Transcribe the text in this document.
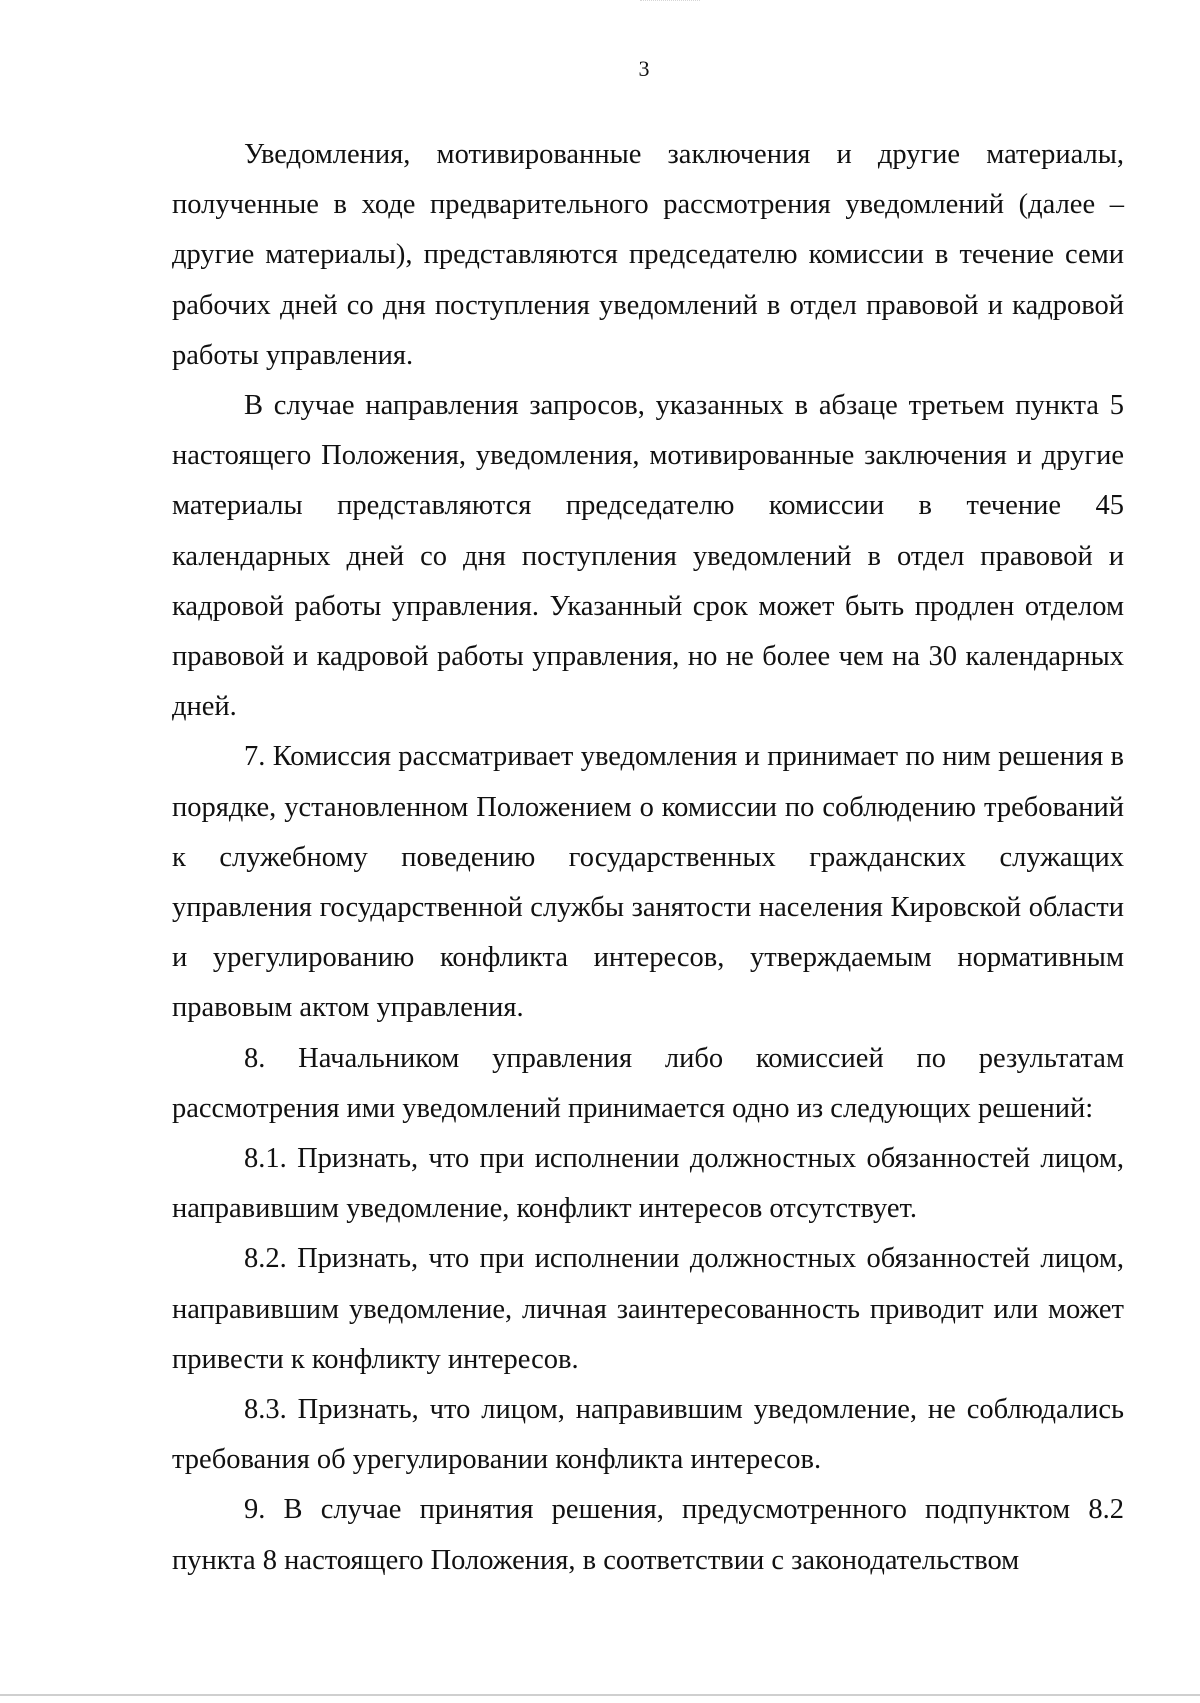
3

Уведомления, мотивированные заключения и другие материалы, полученные в ходе предварительного рассмотрения уведомлений (далее – другие материалы), представляются председателю комиссии в течение семи рабочих дней со дня поступления уведомлений в отдел правовой и кадровой работы управления.

В случае направления запросов, указанных в абзаце третьем пункта 5 настоящего Положения, уведомления, мотивированные заключения и другие материалы представляются председателю комиссии в течение 45 календарных дней со дня поступления уведомлений в отдел правовой и кадровой работы управления. Указанный срок может быть продлен отделом правовой и кадровой работы управления, но не более чем на 30 календарных дней.

7. Комиссия рассматривает уведомления и принимает по ним решения в порядке, установленном Положением о комиссии по соблюдению требований к служебному поведению государственных гражданских служащих управления государственной службы занятости населения Кировской области и урегулированию конфликта интересов, утверждаемым нормативным правовым актом управления.

8. Начальником управления либо комиссией по результатам рассмотрения ими уведомлений принимается одно из следующих решений:

8.1. Признать, что при исполнении должностных обязанностей лицом, направившим уведомление, конфликт интересов отсутствует.

8.2. Признать, что при исполнении должностных обязанностей лицом, направившим уведомление, личная заинтересованность приводит или может привести к конфликту интересов.

8.3. Признать, что лицом, направившим уведомление, не соблюдались требования об урегулировании конфликта интересов.

9. В случае принятия решения, предусмотренного подпунктом 8.2 пункта 8 настоящего Положения, в соответствии с законодательством
